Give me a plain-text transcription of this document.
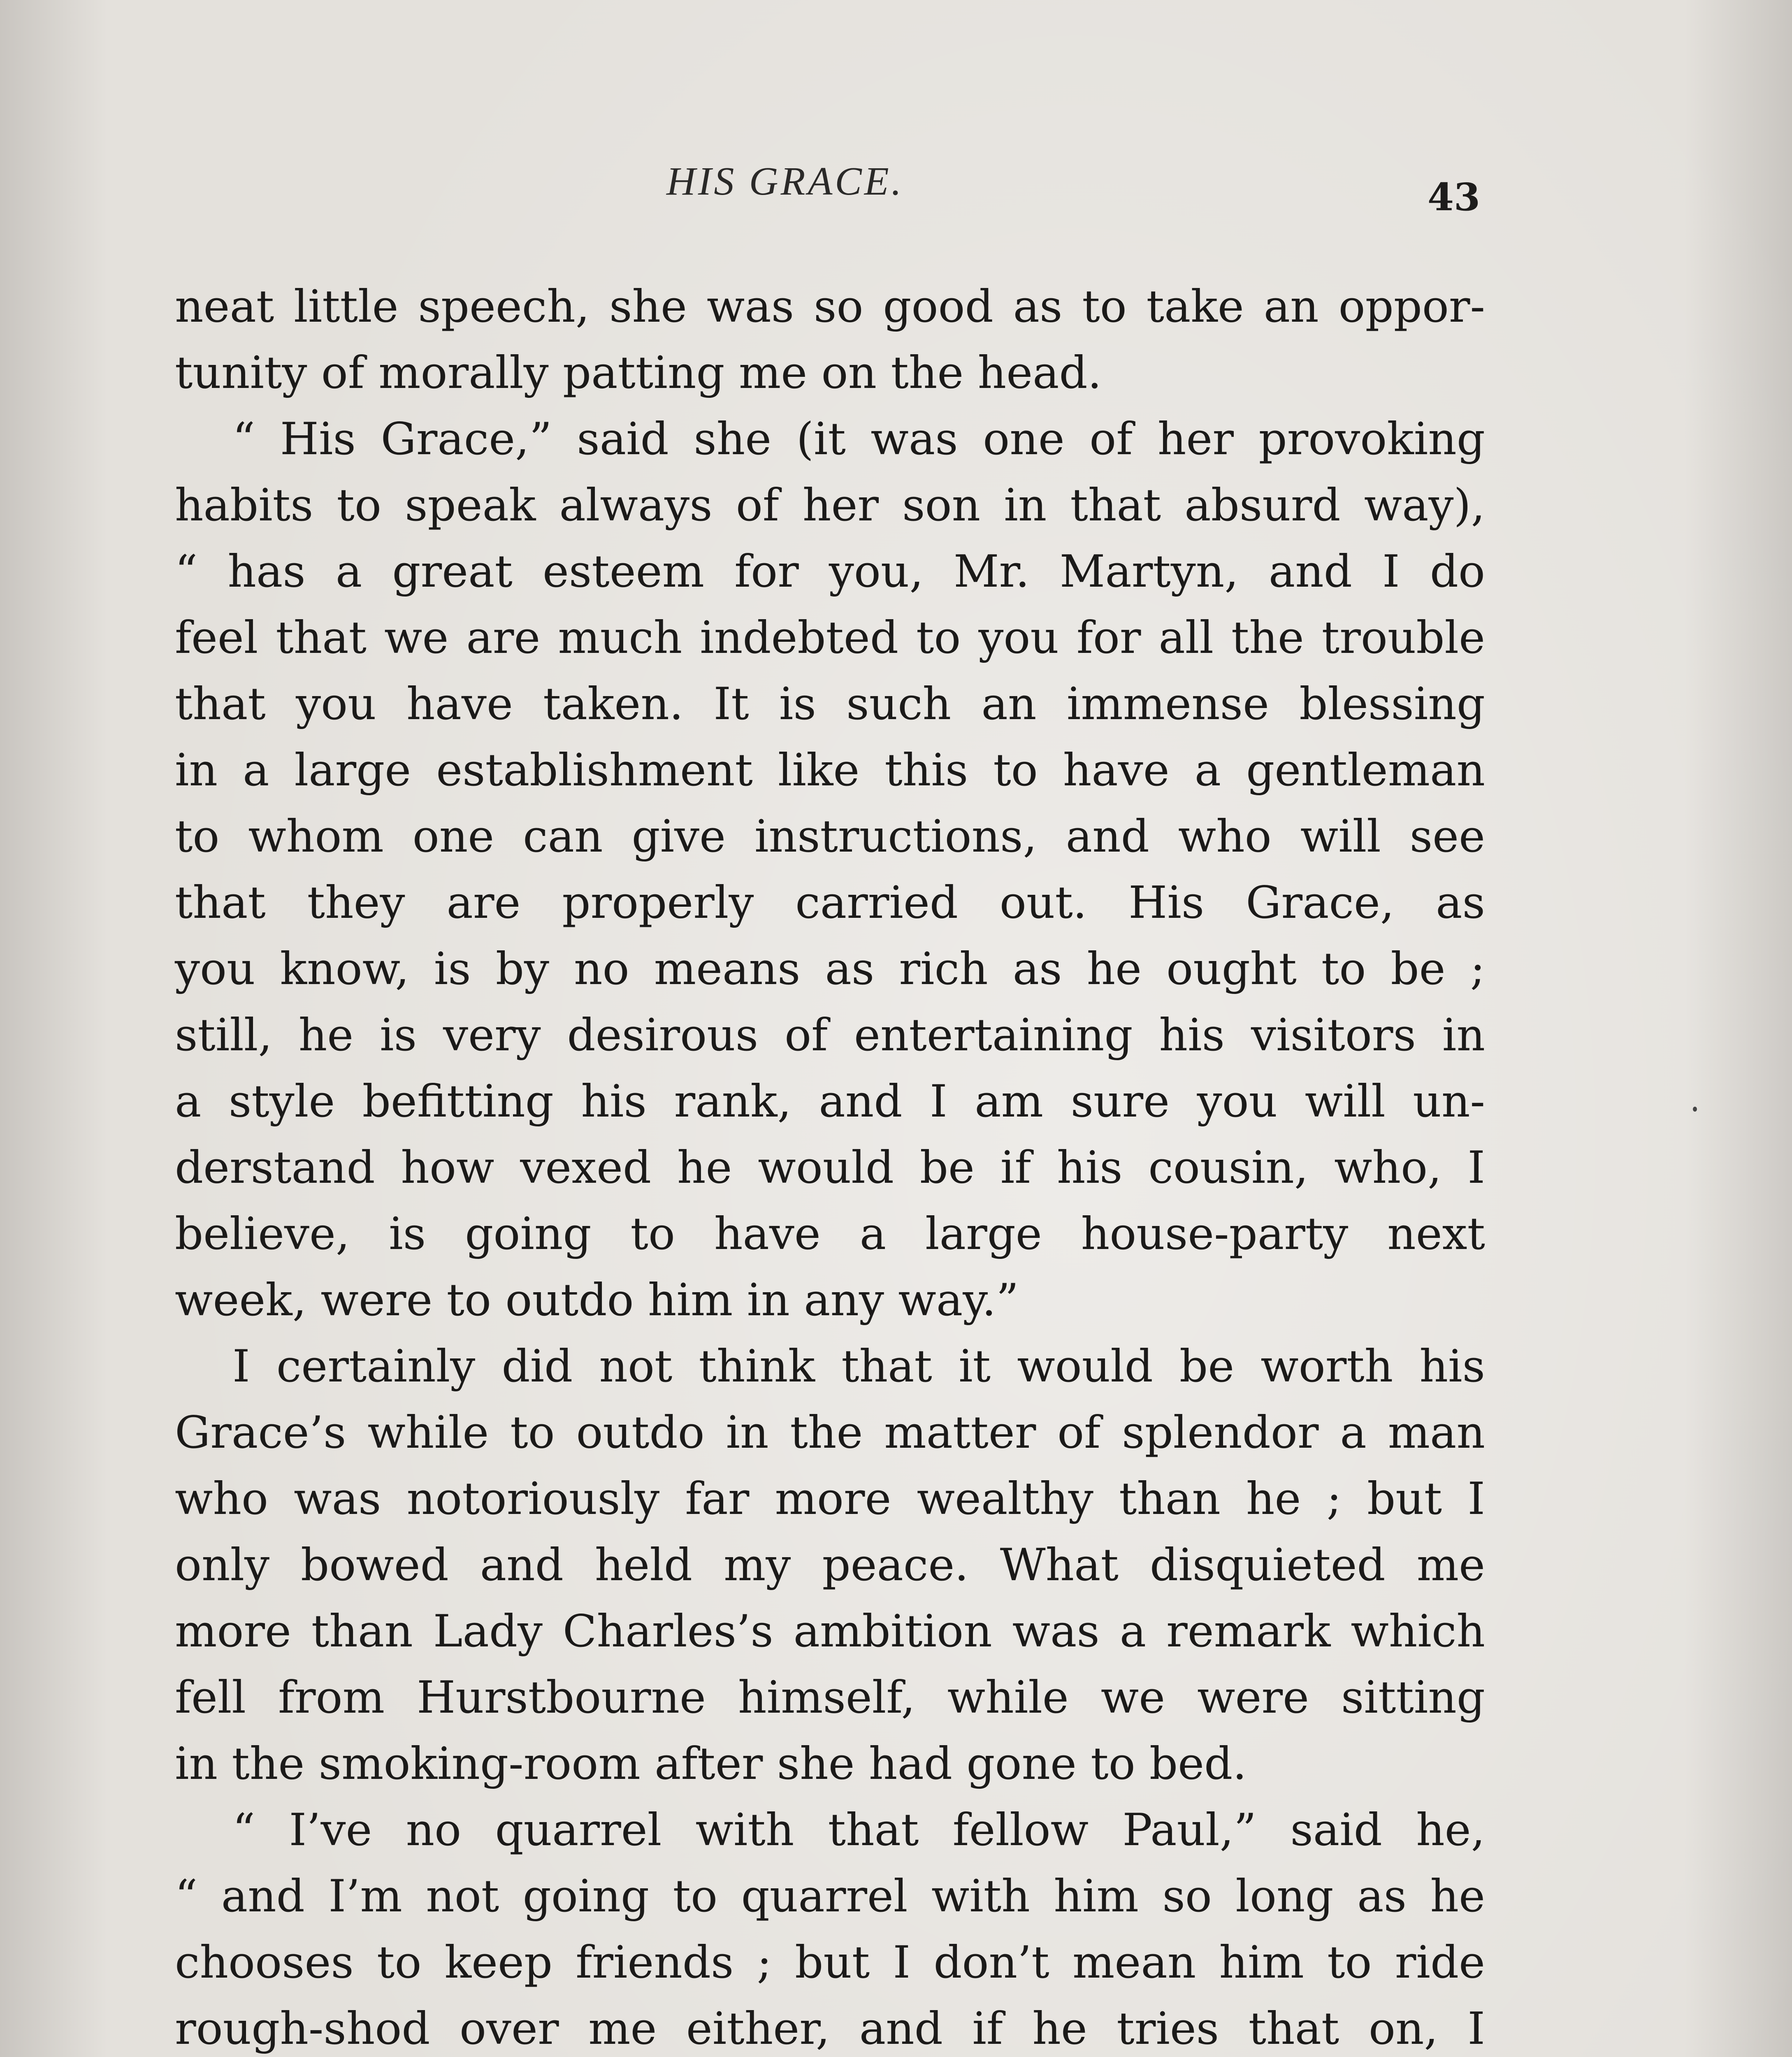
HIS GRACE.	43
neat little speech, she was so good as to take an oppor-
tunity of morally patting me on the head.
“ His Grace,” said she (it was one of her provoking
habits to speak always of her son in that absurd way),
“ has a great esteem for you, Mr. Martyn, and I do
feel that we are much indebted to you for all the trouble
that you have taken. It is such an immense blessing
in a large establishment like this to have a gentleman
to whom one can give instructions, and who will see
that they are properly carried out. His Grace, as
you know, is by no means as rich as he ought to be ;
still, he is very desirous of entertaining his visitors in
a style befitting his rank, and I am sure you will un-
derstand how vexed he would be if his cousin, who, I
believe, is going to have a large house-party next
week, were to outdo him in any way.”
I certainly did not think that it would be worth his
Grace’s while to outdo in the matter of splendor a man
who was notoriously far more wealthy than he ; but I
only bowed and held my peace. What disquieted me
more than Lady Charles’s ambition was a remark which
fell from Hurstbourne himself, while we were sitting
in the smoking-room after she had gone to bed.
“ I’ve no quarrel with that fellow Paul,” said he,
“ and I’m not going to quarrel with him so long as he
chooses to keep friends ; but I don’t mean him to ride
rough-shod over me either, and if he tries that on, I
